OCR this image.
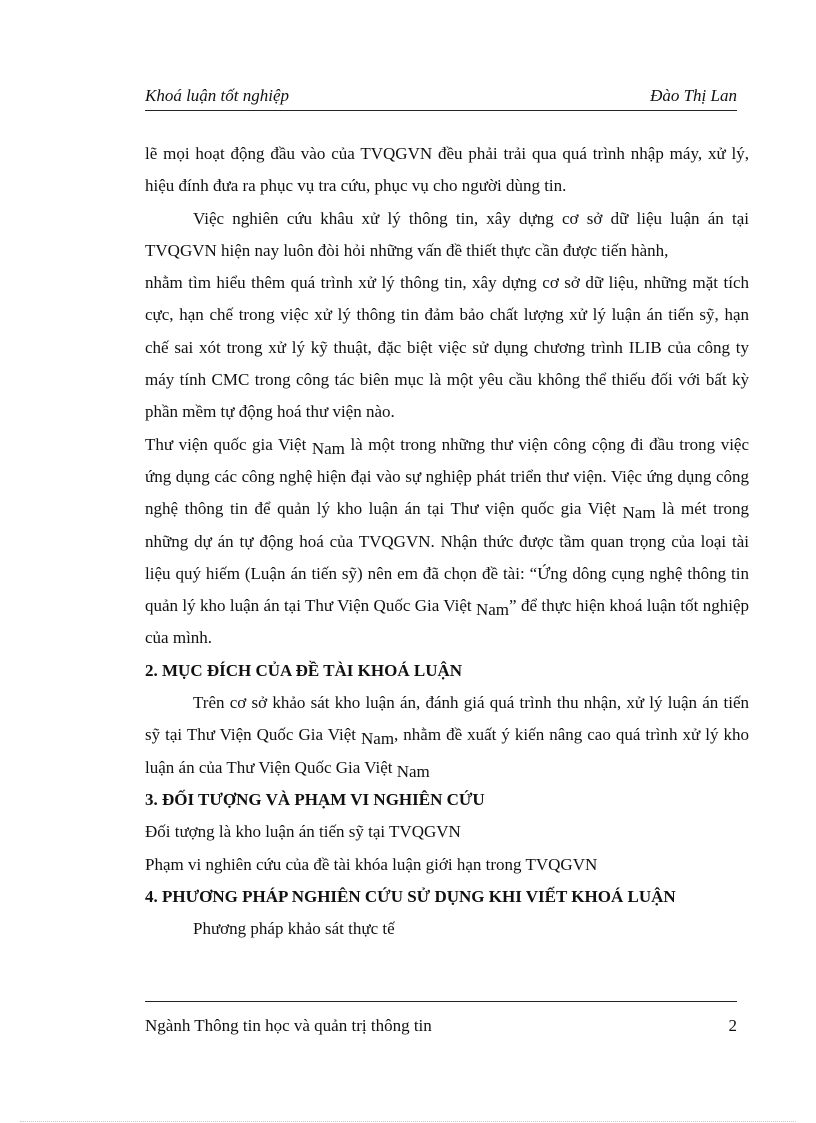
Khoá luận tốt nghiệp	Đào Thị Lan

lẽ mọi hoạt động đầu vào của TVQGVN đều phải trải qua quá trình nhập máy, xử lý, hiệu đính đưa ra phục vụ tra cứu, phục vụ cho người dùng tin.

Việc nghiên cứu khâu xử lý thông tin, xây dựng cơ sở dữ liệu luận án tại TVQGVN hiện nay luôn đòi hỏi những vấn đề thiết thực cần được tiến hành,

nhằm tìm hiểu thêm quá trình xử lý thông tin, xây dựng cơ sở dữ liệu, những mặt tích cực, hạn chế trong việc xử lý thông tin đảm bảo chất lượng xử lý luận án tiến sỹ, hạn chế sai xót trong xử lý kỹ thuật, đặc biệt việc sử dụng chương trình ILIB của công ty máy tính CMC trong công tác biên mục là một yêu cầu không thể thiếu đối với bất kỳ phần mềm tự động hoá thư viện nào.

Thư viện quốc gia Việt Nam là một trong những thư viện công cộng đi đầu trong việc ứng dụng các công nghệ hiện đại vào sự nghiệp phát triển thư viện. Việc ứng dụng công nghệ thông tin để quản lý kho luận án tại Thư viện quốc gia Việt Nam là mét trong những dự án tự động hoá của TVQGVN. Nhận thức được tầm quan trọng của loại tài liệu quý hiếm (Luận án tiến sỹ) nên em đã chọn đề tài: “Ứng dông cụng nghệ thông tin quản lý kho luận án tại Thư Viện Quốc Gia Việt Nam” để thực hiện khoá luận tốt nghiệp của mình.

2. MỤC ĐÍCH CỦA ĐỀ TÀI KHOÁ LUẬN

Trên cơ sở khảo sát kho luận án, đánh giá quá trình thu nhận, xử lý luận án tiến sỹ tại Thư Viện Quốc Gia Việt Nam, nhằm đề xuất ý kiến nâng cao quá trình xử lý kho luận án của Thư Viện Quốc Gia Việt Nam

3. ĐỐI TƯỢNG VÀ PHẠM VI NGHIÊN CỨU

Đối tượng là kho luận án tiến sỹ tại TVQGVN

Phạm vi nghiên cứu của đề tài khóa luận giới hạn trong TVQGVN

4. PHƯƠNG PHÁP NGHIÊN CỨU SỬ DỤNG KHI VIẾT KHOÁ LUẬN

Phương pháp khảo sát thực tế

Ngành Thông tin học và quản trị thông tin	2
